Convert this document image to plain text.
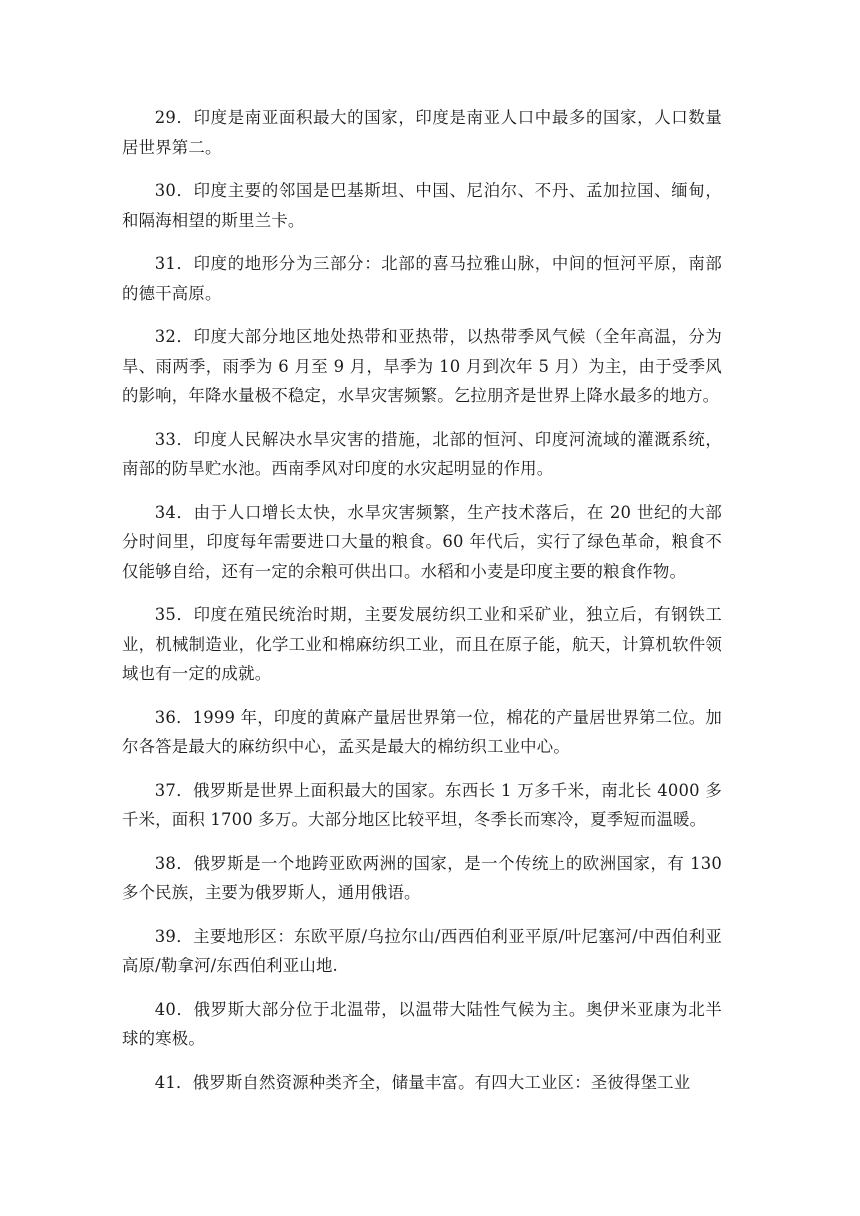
29．印度是南亚面积最大的国家，印度是南亚人口中最多的国家，人口数量居世界第二。

30．印度主要的邻国是巴基斯坦、中国、尼泊尔、不丹、孟加拉国、缅甸，和隔海相望的斯里兰卡。

31．印度的地形分为三部分：北部的喜马拉雅山脉，中间的恒河平原，南部的德干高原。

32．印度大部分地区地处热带和亚热带，以热带季风气候（全年高温，分为旱、雨两季，雨季为 6 月至 9 月，旱季为 10 月到次年 5 月）为主，由于受季风的影响，年降水量极不稳定，水旱灾害频繁。乞拉朋齐是世界上降水最多的地方。

33．印度人民解决水旱灾害的措施，北部的恒河、印度河流域的灌溉系统，南部的防旱贮水池。西南季风对印度的水灾起明显的作用。

34．由于人口增长太快，水旱灾害频繁，生产技术落后，在 20 世纪的大部分时间里，印度每年需要进口大量的粮食。60 年代后，实行了绿色革命，粮食不仅能够自给，还有一定的余粮可供出口。水稻和小麦是印度主要的粮食作物。

35．印度在殖民统治时期，主要发展纺织工业和采矿业，独立后，有钢铁工业，机械制造业，化学工业和棉麻纺织工业，而且在原子能，航天，计算机软件领域也有一定的成就。

36．1999 年，印度的黄麻产量居世界第一位，棉花的产量居世界第二位。加尔各答是最大的麻纺织中心，孟买是最大的棉纺织工业中心。

37．俄罗斯是世界上面积最大的国家。东西长 1 万多千米，南北长 4000 多千米，面积 1700 多万。大部分地区比较平坦，冬季长而寒冷，夏季短而温暖。

38．俄罗斯是一个地跨亚欧两洲的国家，是一个传统上的欧洲国家，有 130 多个民族，主要为俄罗斯人，通用俄语。

39．主要地形区：东欧平原/乌拉尔山/西西伯利亚平原/叶尼塞河/中西伯利亚高原/勒拿河/东西伯利亚山地.

40．俄罗斯大部分位于北温带，以温带大陆性气候为主。奥伊米亚康为北半球的寒极。

41．俄罗斯自然资源种类齐全，储量丰富。有四大工业区：圣彼得堡工业
